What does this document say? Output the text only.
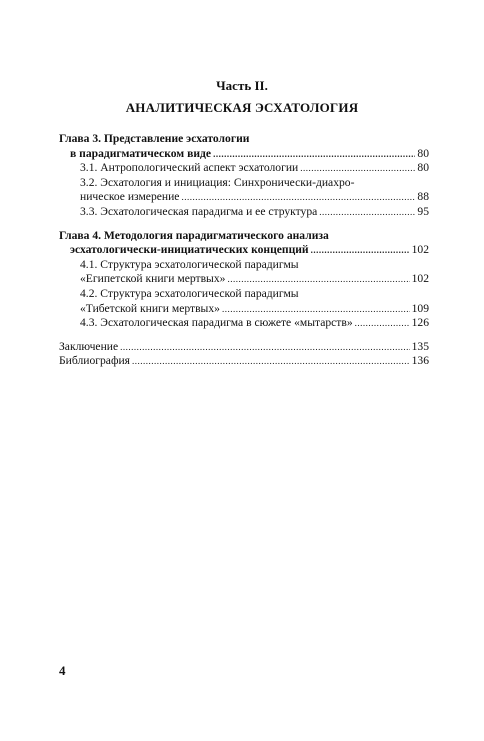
Часть II.
АНАЛИТИЧЕСКАЯ ЭСХАТОЛОГИЯ
Глава 3. Представление эсхатологии
в парадигматическом виде .....	80
3.1. Антропологический аспект эсхатологии .....	80
3.2. Эсхатология и инициация: Синхронически-диахро-
ническое измерение .....	88
3.3. Эсхатологическая парадигма и ее структура .....	95
Глава 4. Методология парадигматического анализа
эсхатологически-инициатических концепций .....	102
4.1. Структура эсхатологической парадигмы
«Египетской книги мертвых» .....	102
4.2. Структура эсхатологической парадигмы
«Тибетской книги мертвых» .....	109
4.3. Эсхатологическая парадигма в сюжете «мытарств» .....	126
Заключение .....	135
Библиография .....	136
4
